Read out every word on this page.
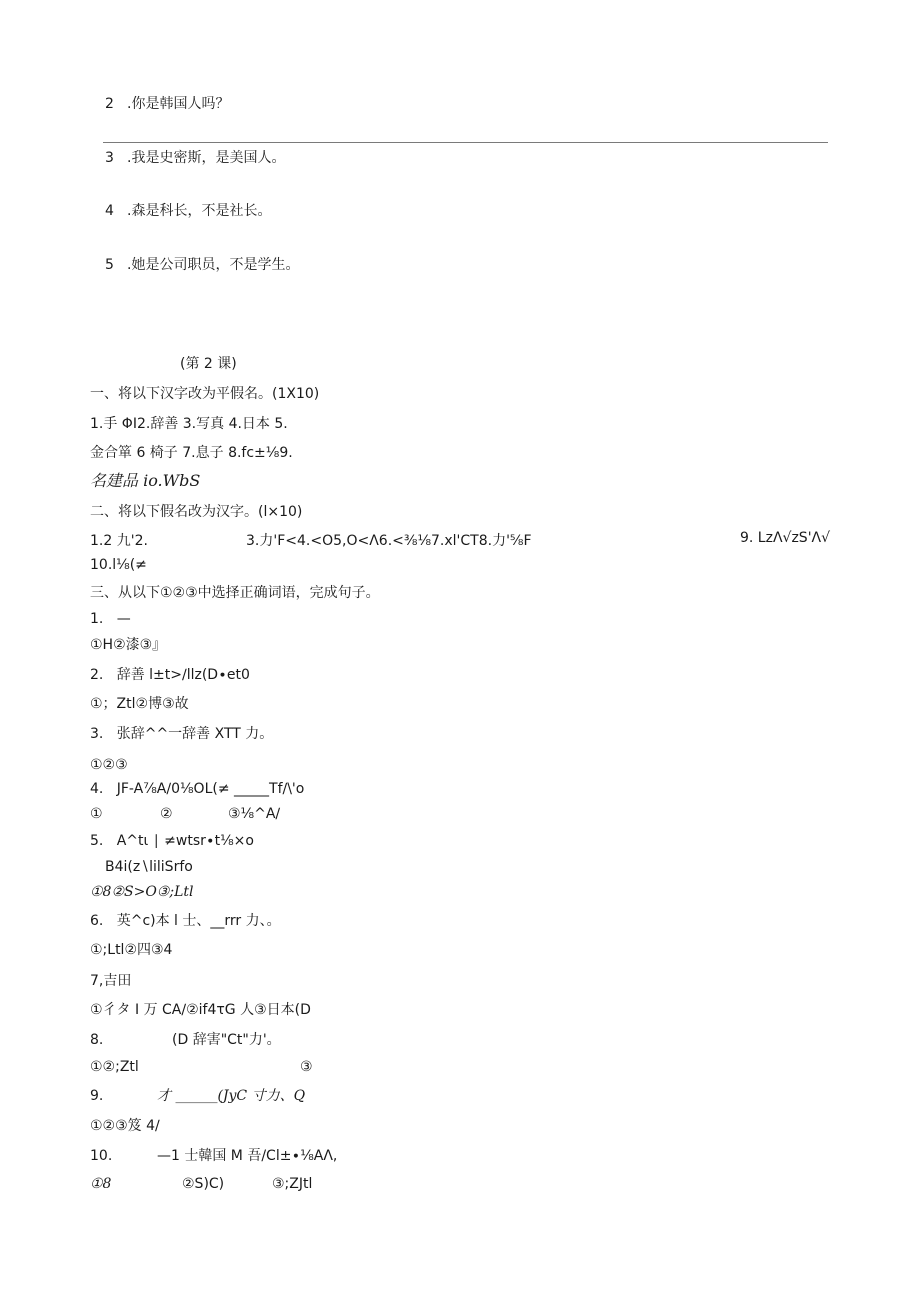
2 .你是韩国人吗？
3 .我是史密斯，是美国人。
4 .森是科长，不是社长。
5 .她是公司职员，不是学生。
(第 2 课)
一、将以下汉字改为平假名。(1X10)
1.手 ΦI2.辞善 3.写真 4.日本 5.
金合箪 6 椅子 7.息子 8.fc±⅛9.
名建品 io.WbS
二、将以下假名改为汉字。(l×10)
1.2 九'2.	3.力'F<4.<O5,O<Λ6.<⅜⅛7.xl'CT8.力'⅝F	9. LzΛ√zS'Λ√
10.l⅛(≠
三、从以下①②③中选择正确词语，完成句子。
1.   —
①H②漆③』
2.   辞善 l±t>∕llz(D∙et0
①；Ztl②博③故
3.   张辞^^一辞善 XTT 力。
①②③
4.   JF-A⅞A∕0⅛OL(≠ _____Tf∕\'o
①	②	③⅛^A∕
5.   A^tι ∣ ≠wtsr∙t⅛×o
B4i(z∖liliSrfo
①8②S>O③;Ltl
6.   英^c)本 l 士、__rrr 力、。
①;Ltl②四③4
7,吉田
①彳タ I 万 CA∕②if4τG 人③日本(D
8.	(D 辞害"Ct"力'。
①②;Ztl	③
9.	才 ______(JyC 寸力、Q
①②③笈 4∕
10.	—1 士韓国 M 吾/Cl±∙⅛AΛ,
①8	②S)C)	③;ZJtl
